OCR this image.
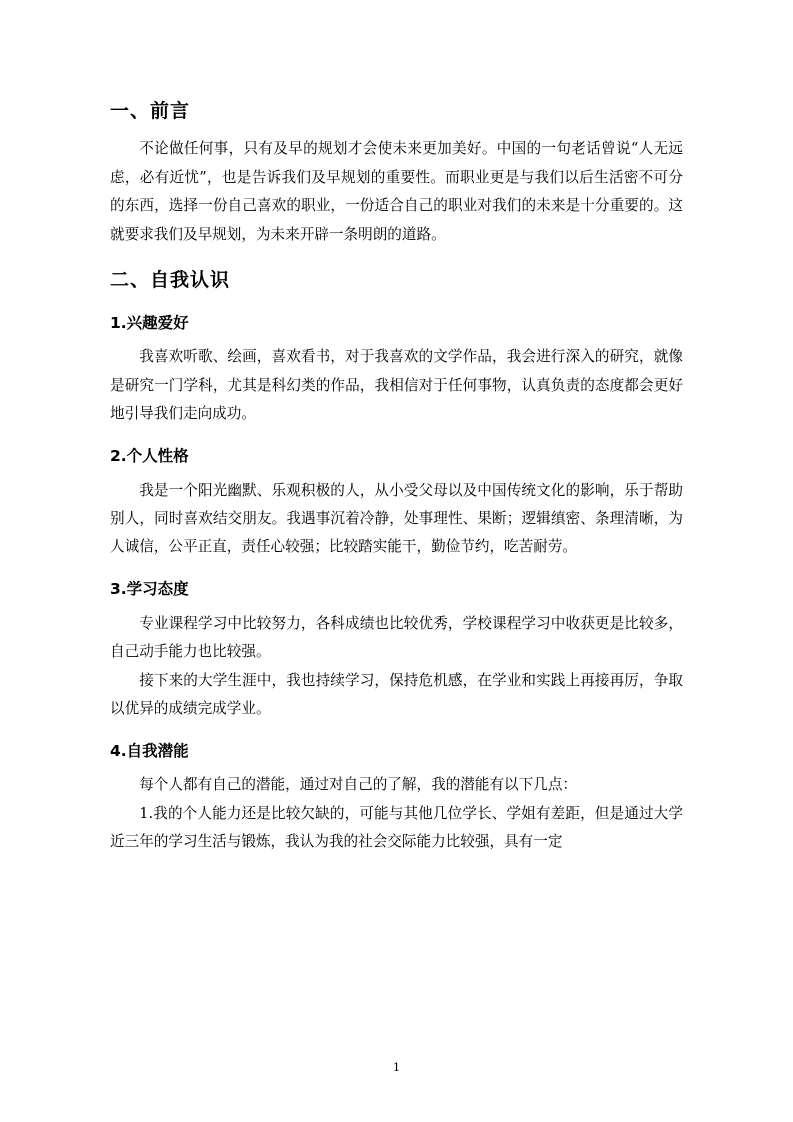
一、前言

不论做任何事，只有及早的规划才会使未来更加美好。中国的一句老话曾说“人无远虑，必有近忧”，也是告诉我们及早规划的重要性。而职业更是与我们以后生活密不可分的东西，选择一份自己喜欢的职业，一份适合自己的职业对我们的未来是十分重要的。这就要求我们及早规划，为未来开辟一条明朗的道路。

二、自我认识
1.兴趣爱好

我喜欢听歌、绘画，喜欢看书，对于我喜欢的文学作品，我会进行深入的研究，就像是研究一门学科，尤其是科幻类的作品，我相信对于任何事物，认真负责的态度都会更好地引导我们走向成功。

2.个人性格

我是一个阳光幽默、乐观积极的人，从小受父母以及中国传统文化的影响，乐于帮助别人，同时喜欢结交朋友。我遇事沉着冷静，处事理性、果断；逻辑缜密、条理清晰，为人诚信，公平正直，责任心较强；比较踏实能干，勤俭节约，吃苦耐劳。

3.学习态度

专业课程学习中比较努力，各科成绩也比较优秀，学校课程学习中收获更是比较多，自己动手能力也比较强。

接下来的大学生涯中，我也持续学习，保持危机感，在学业和实践上再接再厉，争取以优异的成绩完成学业。

4.自我潜能

每个人都有自己的潜能，通过对自己的了解，我的潜能有以下几点：

1.我的个人能力还是比较欠缺的，可能与其他几位学长、学姐有差距，但是通过大学近三年的学习生活与锻炼，我认为我的社会交际能力比较强，具有一定

1
